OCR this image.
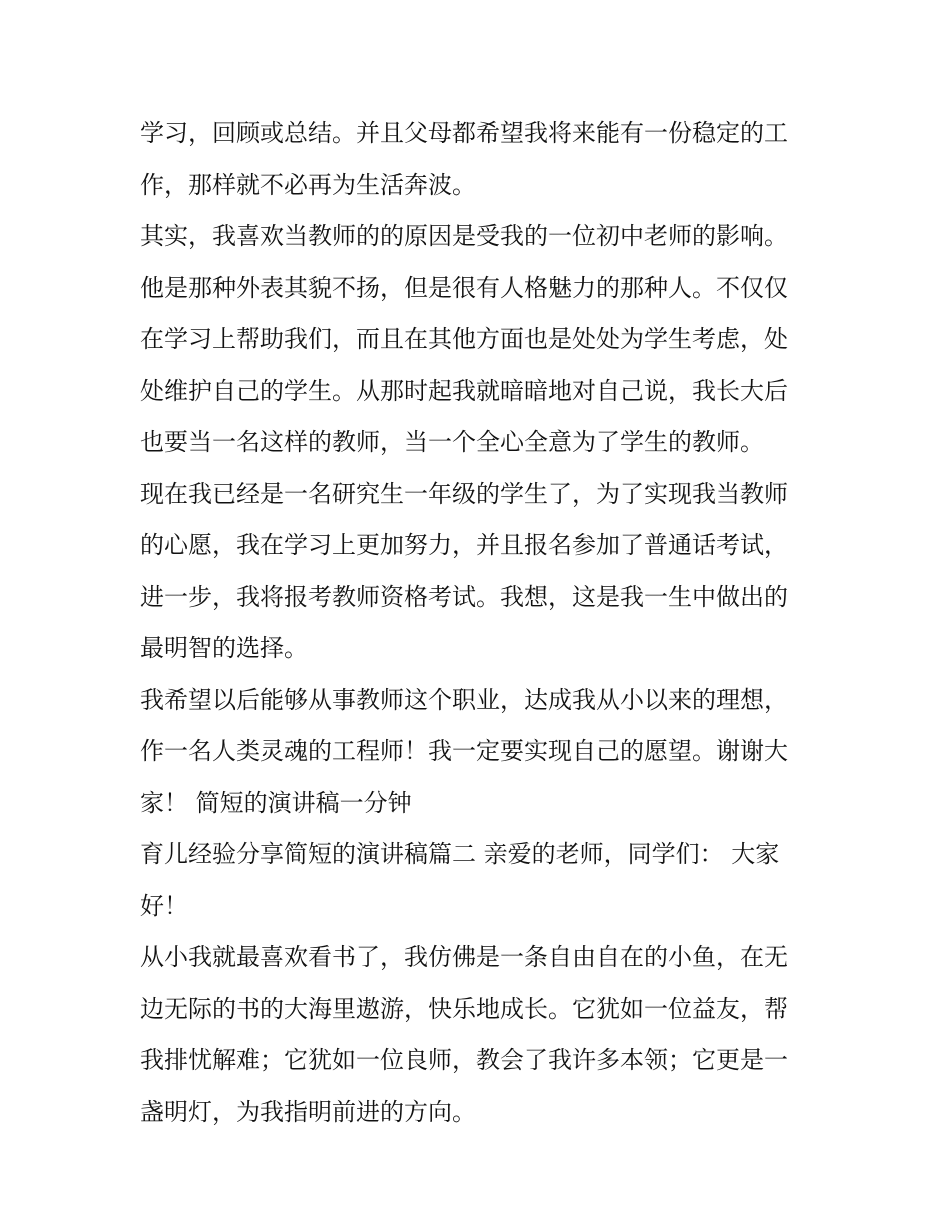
学习，回顾或总结。并且父母都希望我将来能有一份稳定的工
作，那样就不必再为生活奔波。
其实，我喜欢当教师的的原因是受我的一位初中老师的影响。
他是那种外表其貌不扬，但是很有人格魅力的那种人。不仅仅
在学习上帮助我们，而且在其他方面也是处处为学生考虑，处
处维护自己的学生。从那时起我就暗暗地对自己说，我长大后
也要当一名这样的教师，当一个全心全意为了学生的教师。
现在我已经是一名研究生一年级的学生了，为了实现我当教师
的心愿，我在学习上更加努力，并且报名参加了普通话考试，
进一步，我将报考教师资格考试。我想，这是我一生中做出的
最明智的选择。
我希望以后能够从事教师这个职业，达成我从小以来的理想，
作一名人类灵魂的工程师！我一定要实现自己的愿望。谢谢大
家！ 简短的演讲稿一分钟
育儿经验分享简短的演讲稿篇二 亲爱的老师，同学们： 大家
好！
从小我就最喜欢看书了，我仿佛是一条自由自在的小鱼，在无
边无际的书的大海里遨游，快乐地成长。它犹如一位益友，帮
我排忧解难；它犹如一位良师，教会了我许多本领；它更是一
盏明灯，为我指明前进的方向。
